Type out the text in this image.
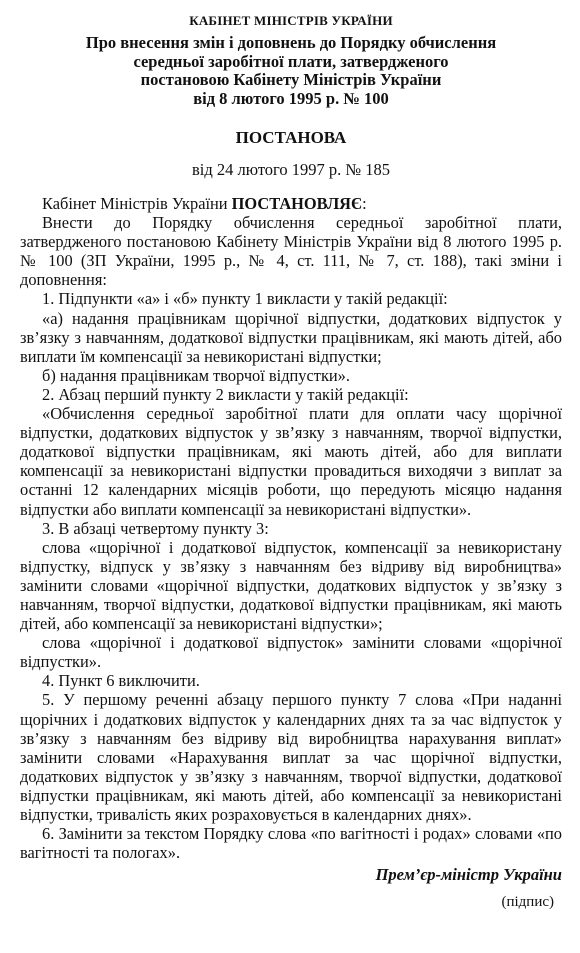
КАБІНЕТ МІНІСТРІВ УКРАЇНИ
Про внесення змін і доповнень до Порядку обчислення
середньої заробітної плати, затвердженого
постановою Кабінету Міністрів України
від 8 лютого 1995 р. № 100
ПОСТАНОВА
від 24 лютого 1997 р. № 185

Кабінет Міністрів України ПОСТАНОВЛЯЄ:

Внести до Порядку обчислення середньої заробітної плати, затвердженого постановою Кабінету Міністрів України від 8 лютого 1995 р. № 100 (ЗП України, 1995 р., № 4, ст. 111, № 7, ст. 188), такі зміни і доповнення:

1. Підпункти «а» і «б» пункту 1 викласти у такій редакції:

«а) надання працівникам щорічної відпустки, додаткових відпусток у зв’язку з навчанням, додаткової відпустки працівникам, які мають дітей, або виплати їм компенсації за невикористані відпустки;

б) надання працівникам творчої відпустки».

2. Абзац перший пункту 2 викласти у такій редакції:

«Обчислення середньої заробітної плати для оплати часу щорічної відпустки, додаткових відпусток у зв’язку з навчанням, творчої відпустки, додаткової відпустки працівникам, які мають дітей, або для виплати компенсації за невикористані відпустки провадиться виходячи з виплат за останні 12 календарних місяців роботи, що передують місяцю надання відпустки або виплати компенсації за невикористані відпустки».

3. В абзаці четвертому пункту 3:

слова «щорічної і додаткової відпусток, компенсації за невикористану відпустку, відпуск у зв’язку з навчанням без відриву від виробництва» замінити словами «щорічної відпустки, додаткових відпусток у зв’язку з навчанням, творчої відпустки, додаткової відпустки працівникам, які мають дітей, або компенсації за невикористані відпустки»;

слова «щорічної і додаткової відпусток» замінити словами «щорічної відпустки».

4. Пункт 6 виключити.

5. У першому реченні абзацу першого пункту 7 слова «При наданні щорічних і додаткових відпусток у календарних днях та за час відпусток у зв’язку з навчанням без відриву від виробництва нарахування виплат» замінити словами «Нарахування виплат за час щорічної відпустки, додаткових відпусток у зв’язку з навчанням, творчої відпустки, додаткової відпустки працівникам, які мають дітей, або компенсації за невикористані відпустки, тривалість яких розраховується в календарних днях».

6. Замінити за текстом Порядку слова «по вагітності і родах» словами «по вагітності та пологах».

Прем’єр-міністр України
(підпис)
